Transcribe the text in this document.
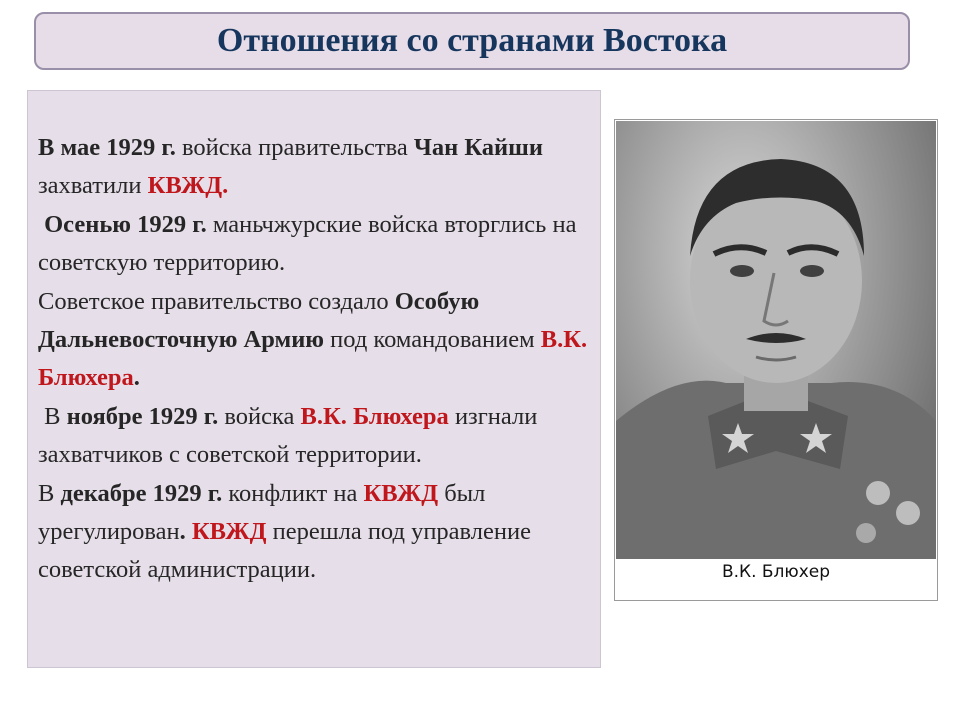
Отношения со странами Востока

В мае 1929 г. войска правительства Чан Кайши захватили КВЖД.

Осенью 1929 г. маньчжурские войска вторглись на советскую территорию.

Советское правительство создало Особую Дальневосточную Армию под командованием В.К. Блюхера.

В ноябре 1929 г. войска В.К. Блюхера изгнали захватчиков с советской территории.

В декабре 1929 г. конфликт на КВЖД был урегулирован. КВЖД перешла под управление советской администрации.	В.К. Блюхер
